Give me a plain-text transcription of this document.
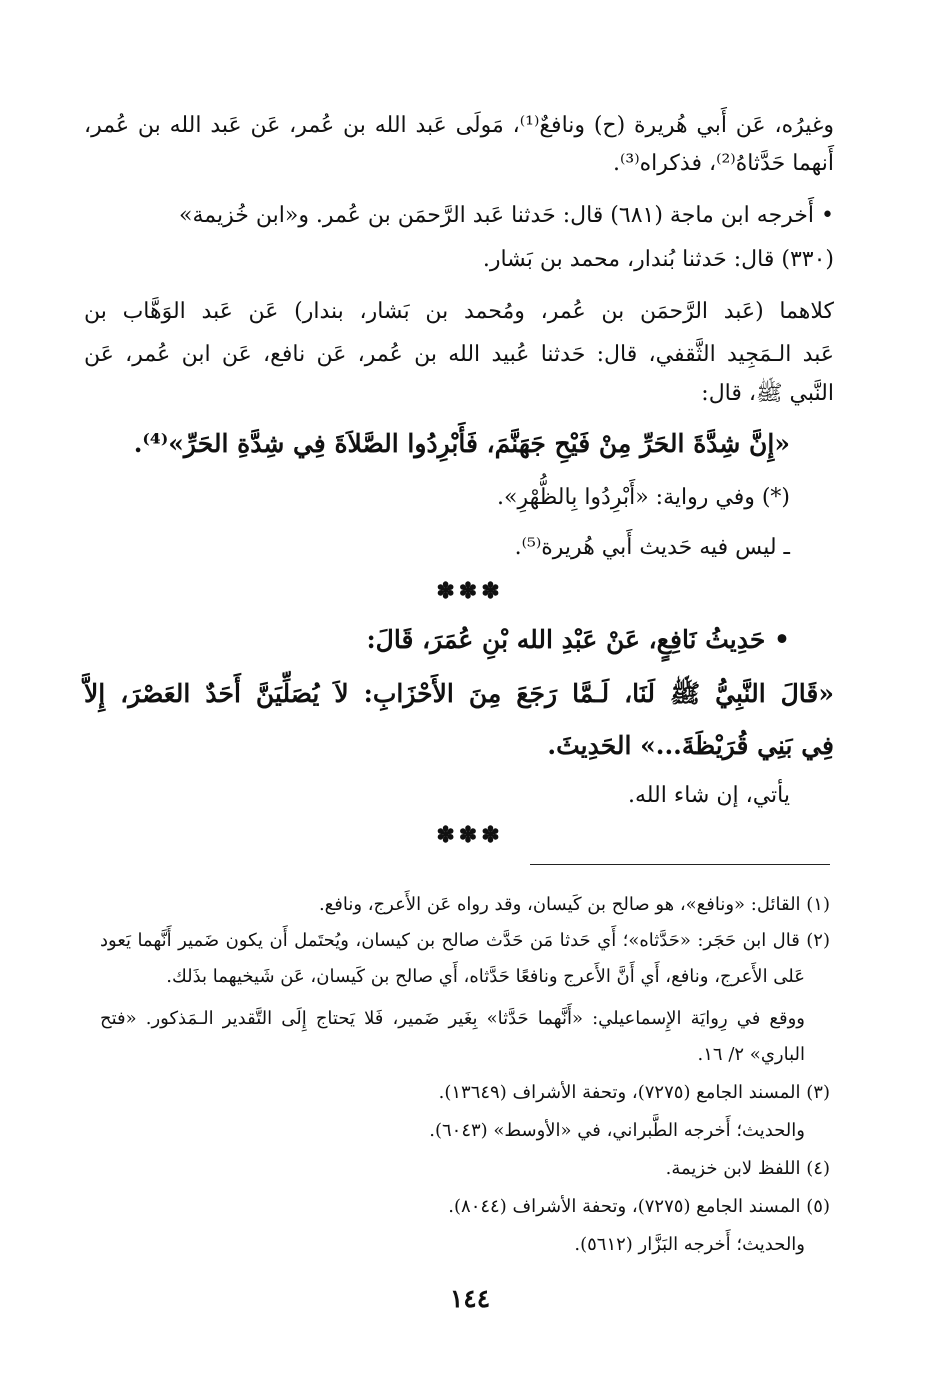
وغيرُه، عَن أَبي هُريرة (ح) ونافعٌ⁽¹⁾، مَولَى عَبد الله بن عُمر، عَن عَبد الله بن عُمر،
أَنهما حَدَّثاهُ⁽²⁾، فذكراه⁽³⁾.
• أَخرجه ابن ماجة (٦٨١) قال: حَدثنا عَبد الرَّحمَن بن عُمر. و«ابن خُزيمة»
(٣٣٠) قال: حَدثنا بُندار، محمد بن بَشار.
كلاهما (عَبد الرَّحمَن بن عُمر، ومُحمد بن بَشار، بندار) عَن عَبد الوَهَّاب بن
عَبد الـمَجِيد الثَّقفي، قال: حَدثنا عُبيد الله بن عُمر، عَن نافع، عَن ابن عُمر، عَن
النَّبي ﷺ، قال:
«إِنَّ شِدَّةَ الحَرِّ مِنْ فَيْحِ جَهَنَّمَ، فَأَبْرِدُوا الصَّلاَةَ فِي شِدَّةِ الحَرِّ»⁽⁴⁾.
(*) وفي رواية: «أَبْرِدُوا بِالظُّهْرِ».
ـ ليس فيه حَديث أَبي هُريرة⁽⁵⁾.
✽✽✽
• حَدِيثُ نَافِعٍ، عَنْ عَبْدِ الله بْنِ عُمَرَ، قَالَ:
«قَالَ النَّبِيُّ ﷺ لَنَا، لَـمَّا رَجَعَ مِنَ الأَحْزَابِ: لاَ يُصَلِّيَنَّ أَحَدٌ العَصْرَ، إِلاَّ
فِي بَنِي قُرَيْظَةَ...» الحَدِيثَ.
يأتي، إن شاء الله.
✽✽✽
(١) القائل: «ونافع»، هو صالح بن كَيسان، وقد رواه عَن الأَعرج، ونافع.
(٢) قال ابن حَجَر: «حَدَّثاه»؛ أَي حَدثا مَن حَدَّث صالح بن كيسان، ويُحتَمل أَن يكون ضَمير أَنَّهما يَعود
عَلى الأَعرج، ونافع، أَي أَنَّ الأَعرج ونافعًا حَدَّثاه، أَي صالح بن كَيسان، عَن شَيخيهما بذَلك.
ووقع في رِوايَة الإِسماعيلي: «أَنَّهما حَدَّثا» بِغَير ضَمير، فَلا يَحتاج إِلَى التَّقدير الـمَذكور. «فتح
الباري» ٢/ ١٦.
(٣) المسند الجامع (٧٢٧٥)، وتحفة الأشراف (١٣٦٤٩).
والحديث؛ أَخرجه الطَّبراني، في «الأوسط» (٦٠٤٣).
(٤) اللفظ لابن خزيمة.
(٥) المسند الجامع (٧٢٧٥)، وتحفة الأشراف (٨٠٤٤).
والحديث؛ أَخرجه البَزَّار (٥٦١٢).
١٤٤
